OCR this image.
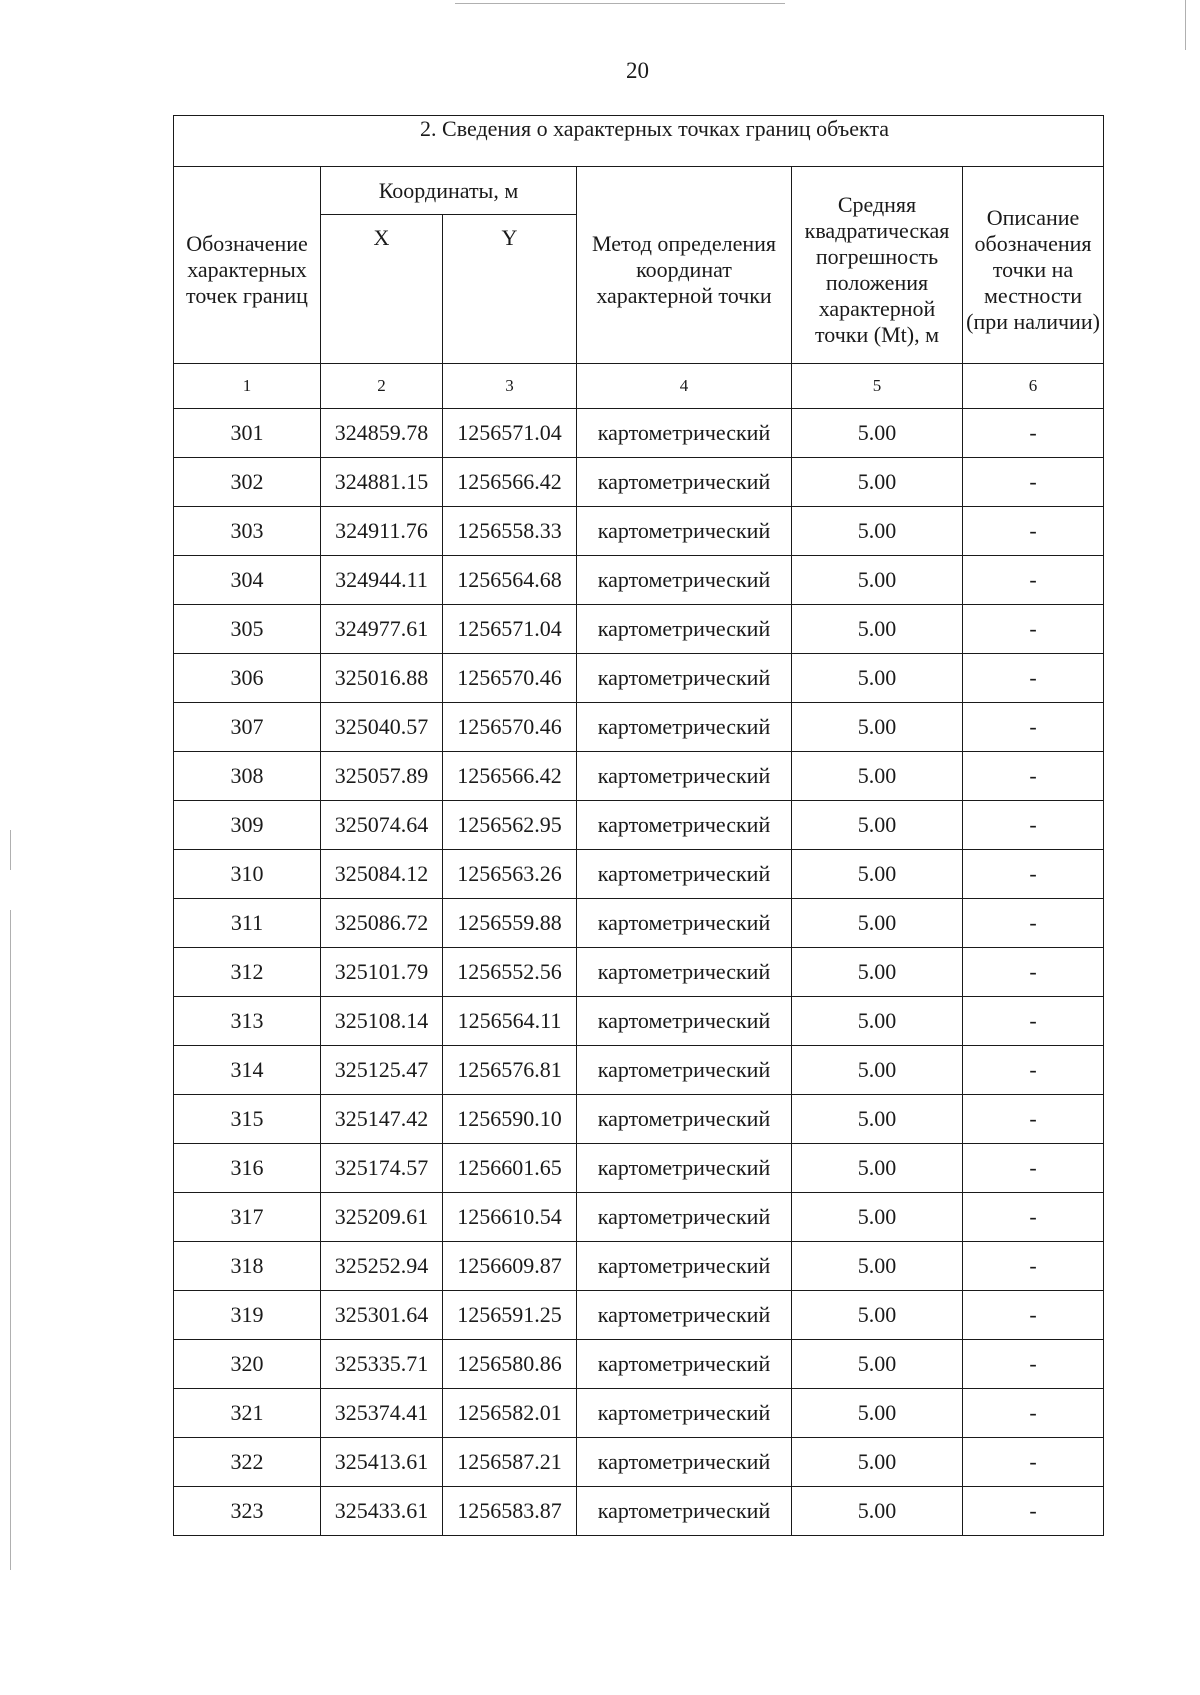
20
2. Сведения о характерных точках границ объекта					
Обозначение характерных точек границ	Координаты, м		Метод определения координат характерной точки	Средняя квадратическая погрешность положения характерной точки (Mt), м	Описание обозначения точки на местности (при наличии)
	X	Y			
1	2	3	4	5	6
301	324859.78	1256571.04	картометрический	5.00	-
302	324881.15	1256566.42	картометрический	5.00	-
303	324911.76	1256558.33	картометрический	5.00	-
304	324944.11	1256564.68	картометрический	5.00	-
305	324977.61	1256571.04	картометрический	5.00	-
306	325016.88	1256570.46	картометрический	5.00	-
307	325040.57	1256570.46	картометрический	5.00	-
308	325057.89	1256566.42	картометрический	5.00	-
309	325074.64	1256562.95	картометрический	5.00	-
310	325084.12	1256563.26	картометрический	5.00	-
311	325086.72	1256559.88	картометрический	5.00	-
312	325101.79	1256552.56	картометрический	5.00	-
313	325108.14	1256564.11	картометрический	5.00	-
314	325125.47	1256576.81	картометрический	5.00	-
315	325147.42	1256590.10	картометрический	5.00	-
316	325174.57	1256601.65	картометрический	5.00	-
317	325209.61	1256610.54	картометрический	5.00	-
318	325252.94	1256609.87	картометрический	5.00	-
319	325301.64	1256591.25	картометрический	5.00	-
320	325335.71	1256580.86	картометрический	5.00	-
321	325374.41	1256582.01	картометрический	5.00	-
322	325413.61	1256587.21	картометрический	5.00	-
323	325433.61	1256583.87	картометрический	5.00	-
